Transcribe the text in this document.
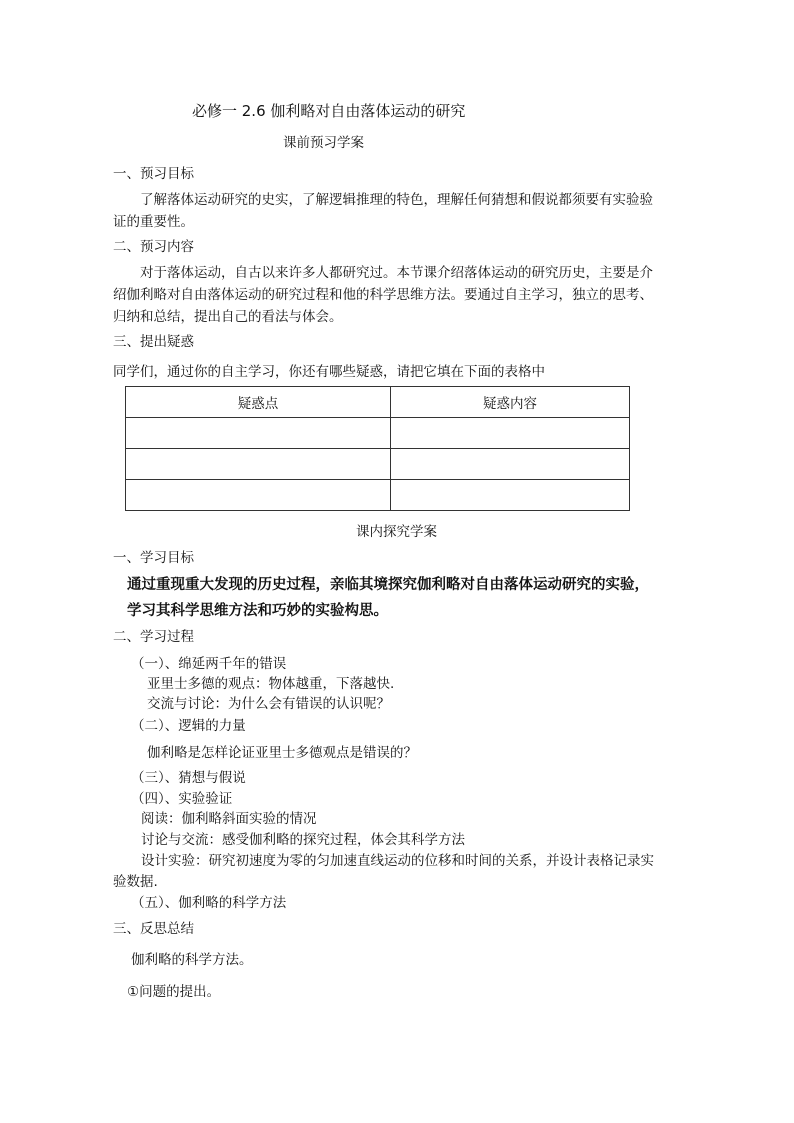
必修一 2.6 伽利略对自由落体运动的研究
课前预习学案
一、预习目标
了解落体运动研究的史实，了解逻辑推理的特色，理解任何猜想和假说都须要有实验验
证的重要性。
二、预习内容
对于落体运动，自古以来许多人都研究过。本节课介绍落体运动的研究历史，主要是介
绍伽利略对自由落体运动的研究过程和他的科学思维方法。要通过自主学习，独立的思考、
归纳和总结，提出自己的看法与体会。
三、提出疑惑
同学们，通过你的自主学习，你还有哪些疑惑，请把它填在下面的表格中
疑惑点	疑惑内容

课内探究学案
一、学习目标
通过重现重大发现的历史过程，亲临其境探究伽利略对自由落体运动研究的实验，
学习其科学思维方法和巧妙的实验构思。
二、学习过程
（一）、绵延两千年的错误
亚里士多德的观点：物体越重，下落越快.
交流与讨论：为什么会有错误的认识呢？
（二）、逻辑的力量
伽利略是怎样论证亚里士多德观点是错误的？
（三）、猜想与假说
（四）、实验验证
阅读：伽利略斜面实验的情况
讨论与交流：感受伽利略的探究过程，体会其科学方法
设计实验：研究初速度为零的匀加速直线运动的位移和时间的关系，并设计表格记录实
验数据.
（五）、伽利略的科学方法
三、反思总结
伽利略的科学方法。
①问题的提出。
